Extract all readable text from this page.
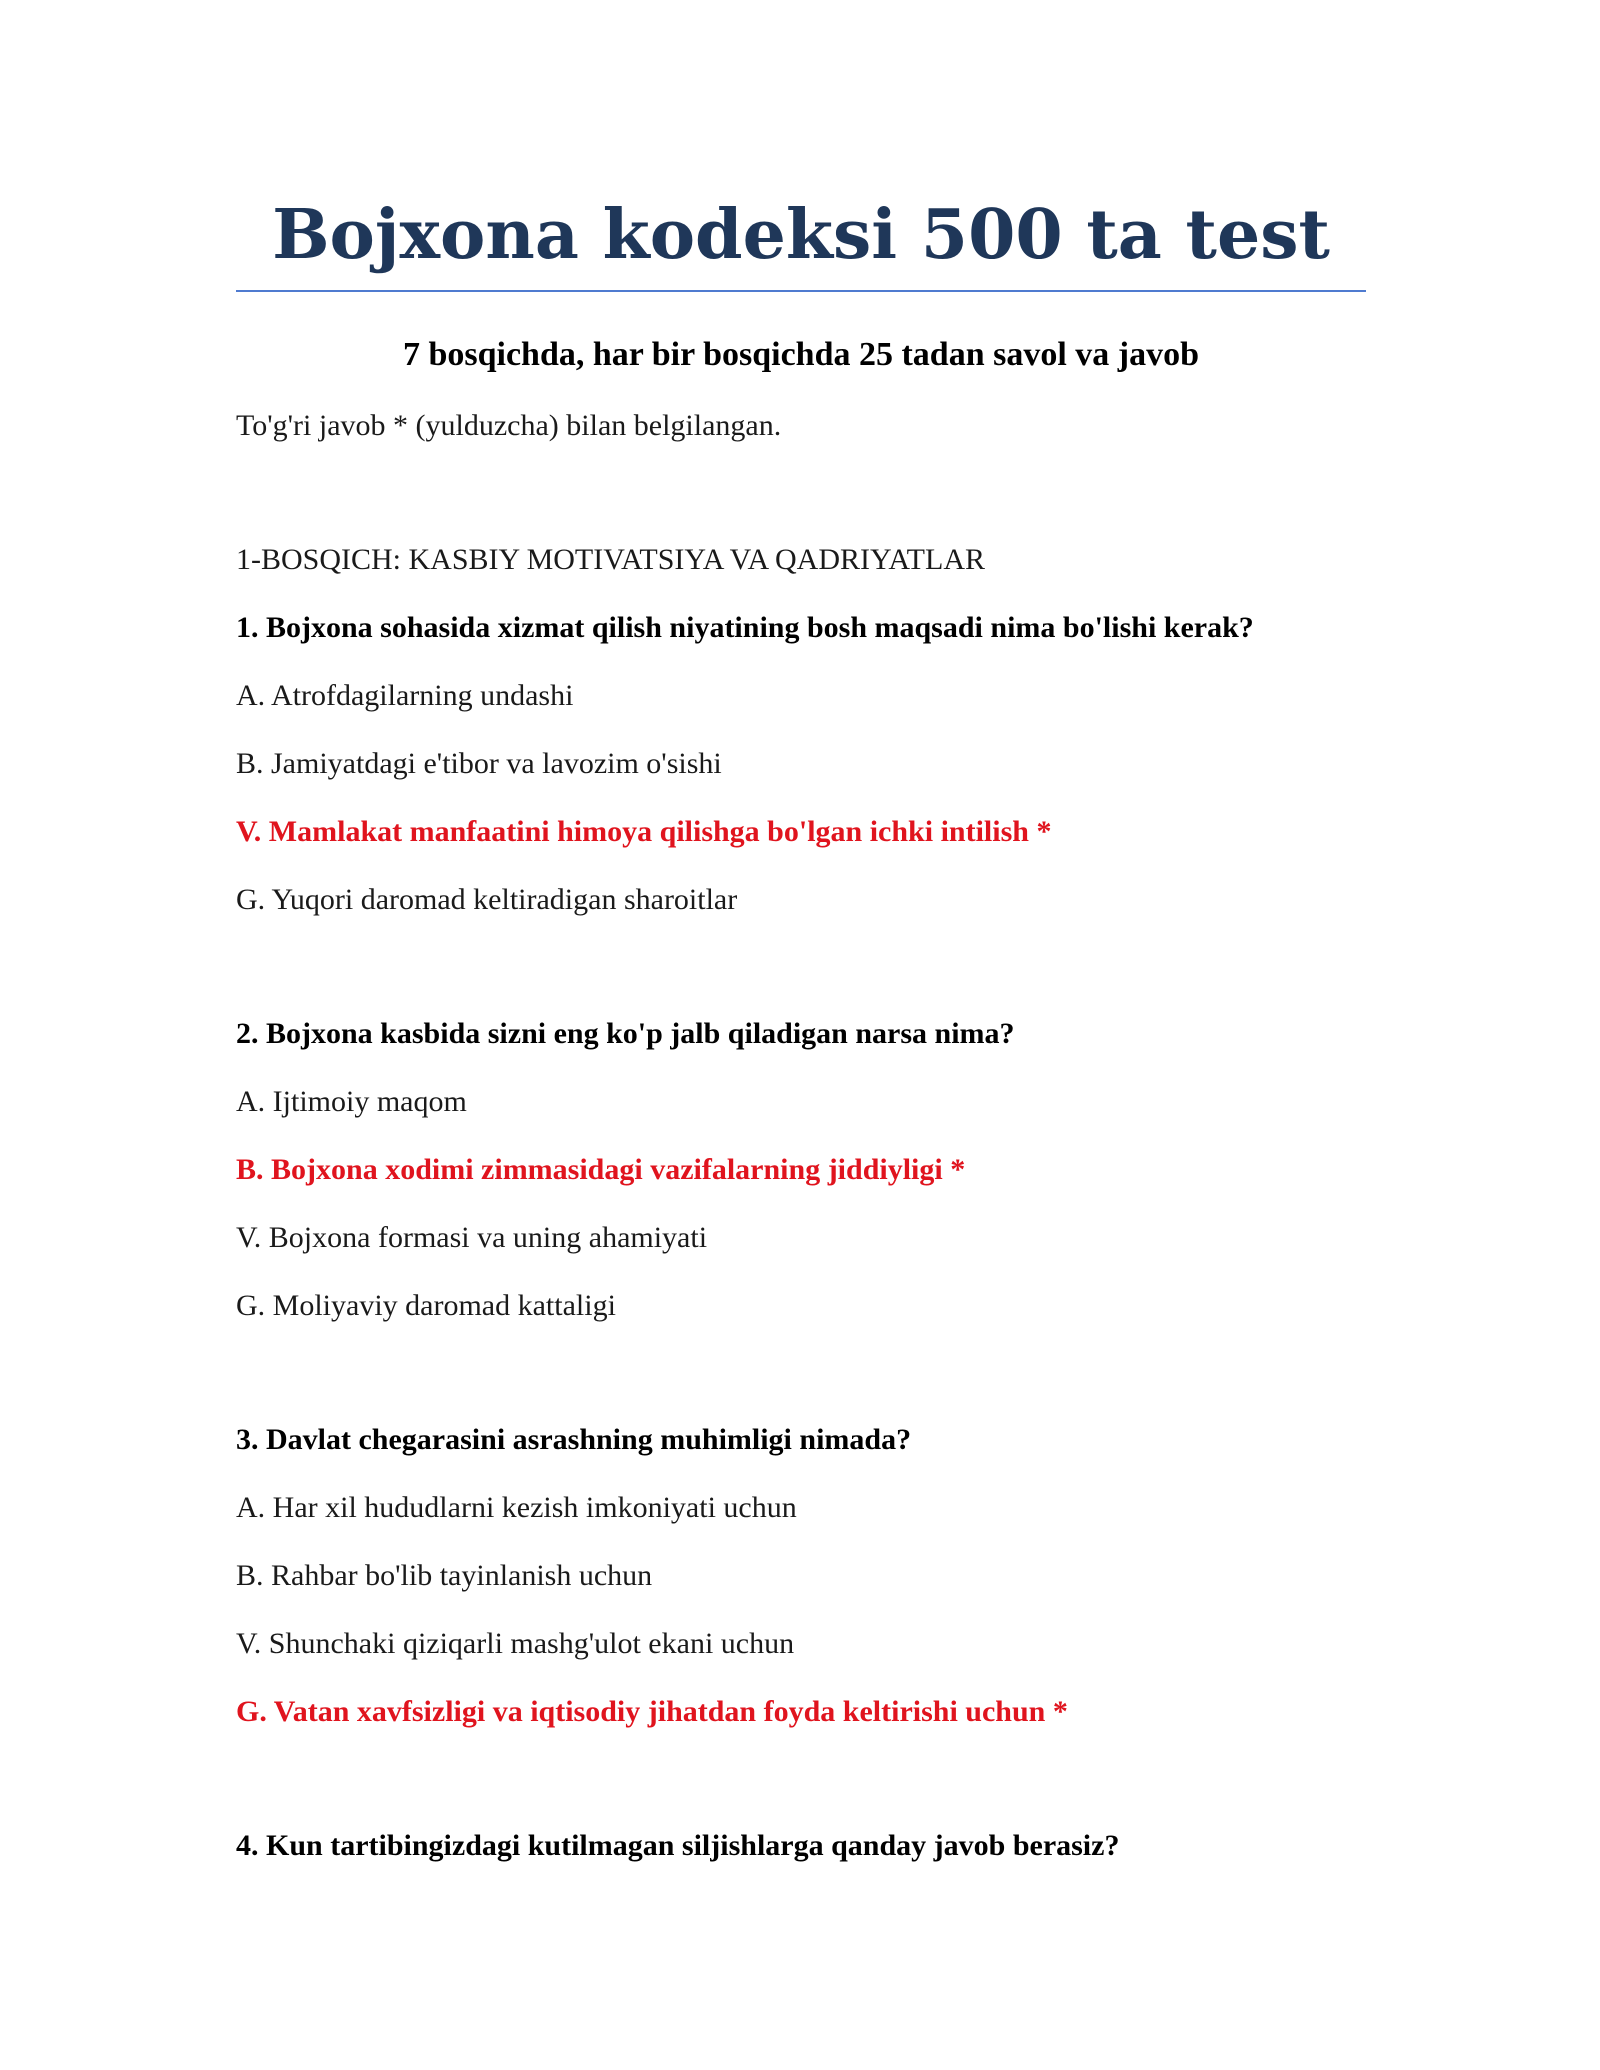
Bojxona kodeksi 500 ta test
7 bosqichda, har bir bosqichda 25 tadan savol va javob

To'g'ri javob * (yulduzcha) bilan belgilangan.

1-BOSQICH: KASBIY MOTIVATSIYA VA QADRIYATLAR

1. Bojxona sohasida xizmat qilish niyatining bosh maqsadi nima bo'lishi kerak?

A. Atrofdagilarning undashi

B. Jamiyatdagi e'tibor va lavozim o'sishi

V. Mamlakat manfaatini himoya qilishga bo'lgan ichki intilish *

G. Yuqori daromad keltiradigan sharoitlar

2. Bojxona kasbida sizni eng ko'p jalb qiladigan narsa nima?

A. Ijtimoiy maqom

B. Bojxona xodimi zimmasidagi vazifalarning jiddiyligi *

V. Bojxona formasi va uning ahamiyati

G. Moliyaviy daromad kattaligi

3. Davlat chegarasini asrashning muhimligi nimada?

A. Har xil hududlarni kezish imkoniyati uchun

B. Rahbar bo'lib tayinlanish uchun

V. Shunchaki qiziqarli mashg'ulot ekani uchun

G. Vatan xavfsizligi va iqtisodiy jihatdan foyda keltirishi uchun *

4. Kun tartibingizdagi kutilmagan siljishlarga qanday javob berasiz?
